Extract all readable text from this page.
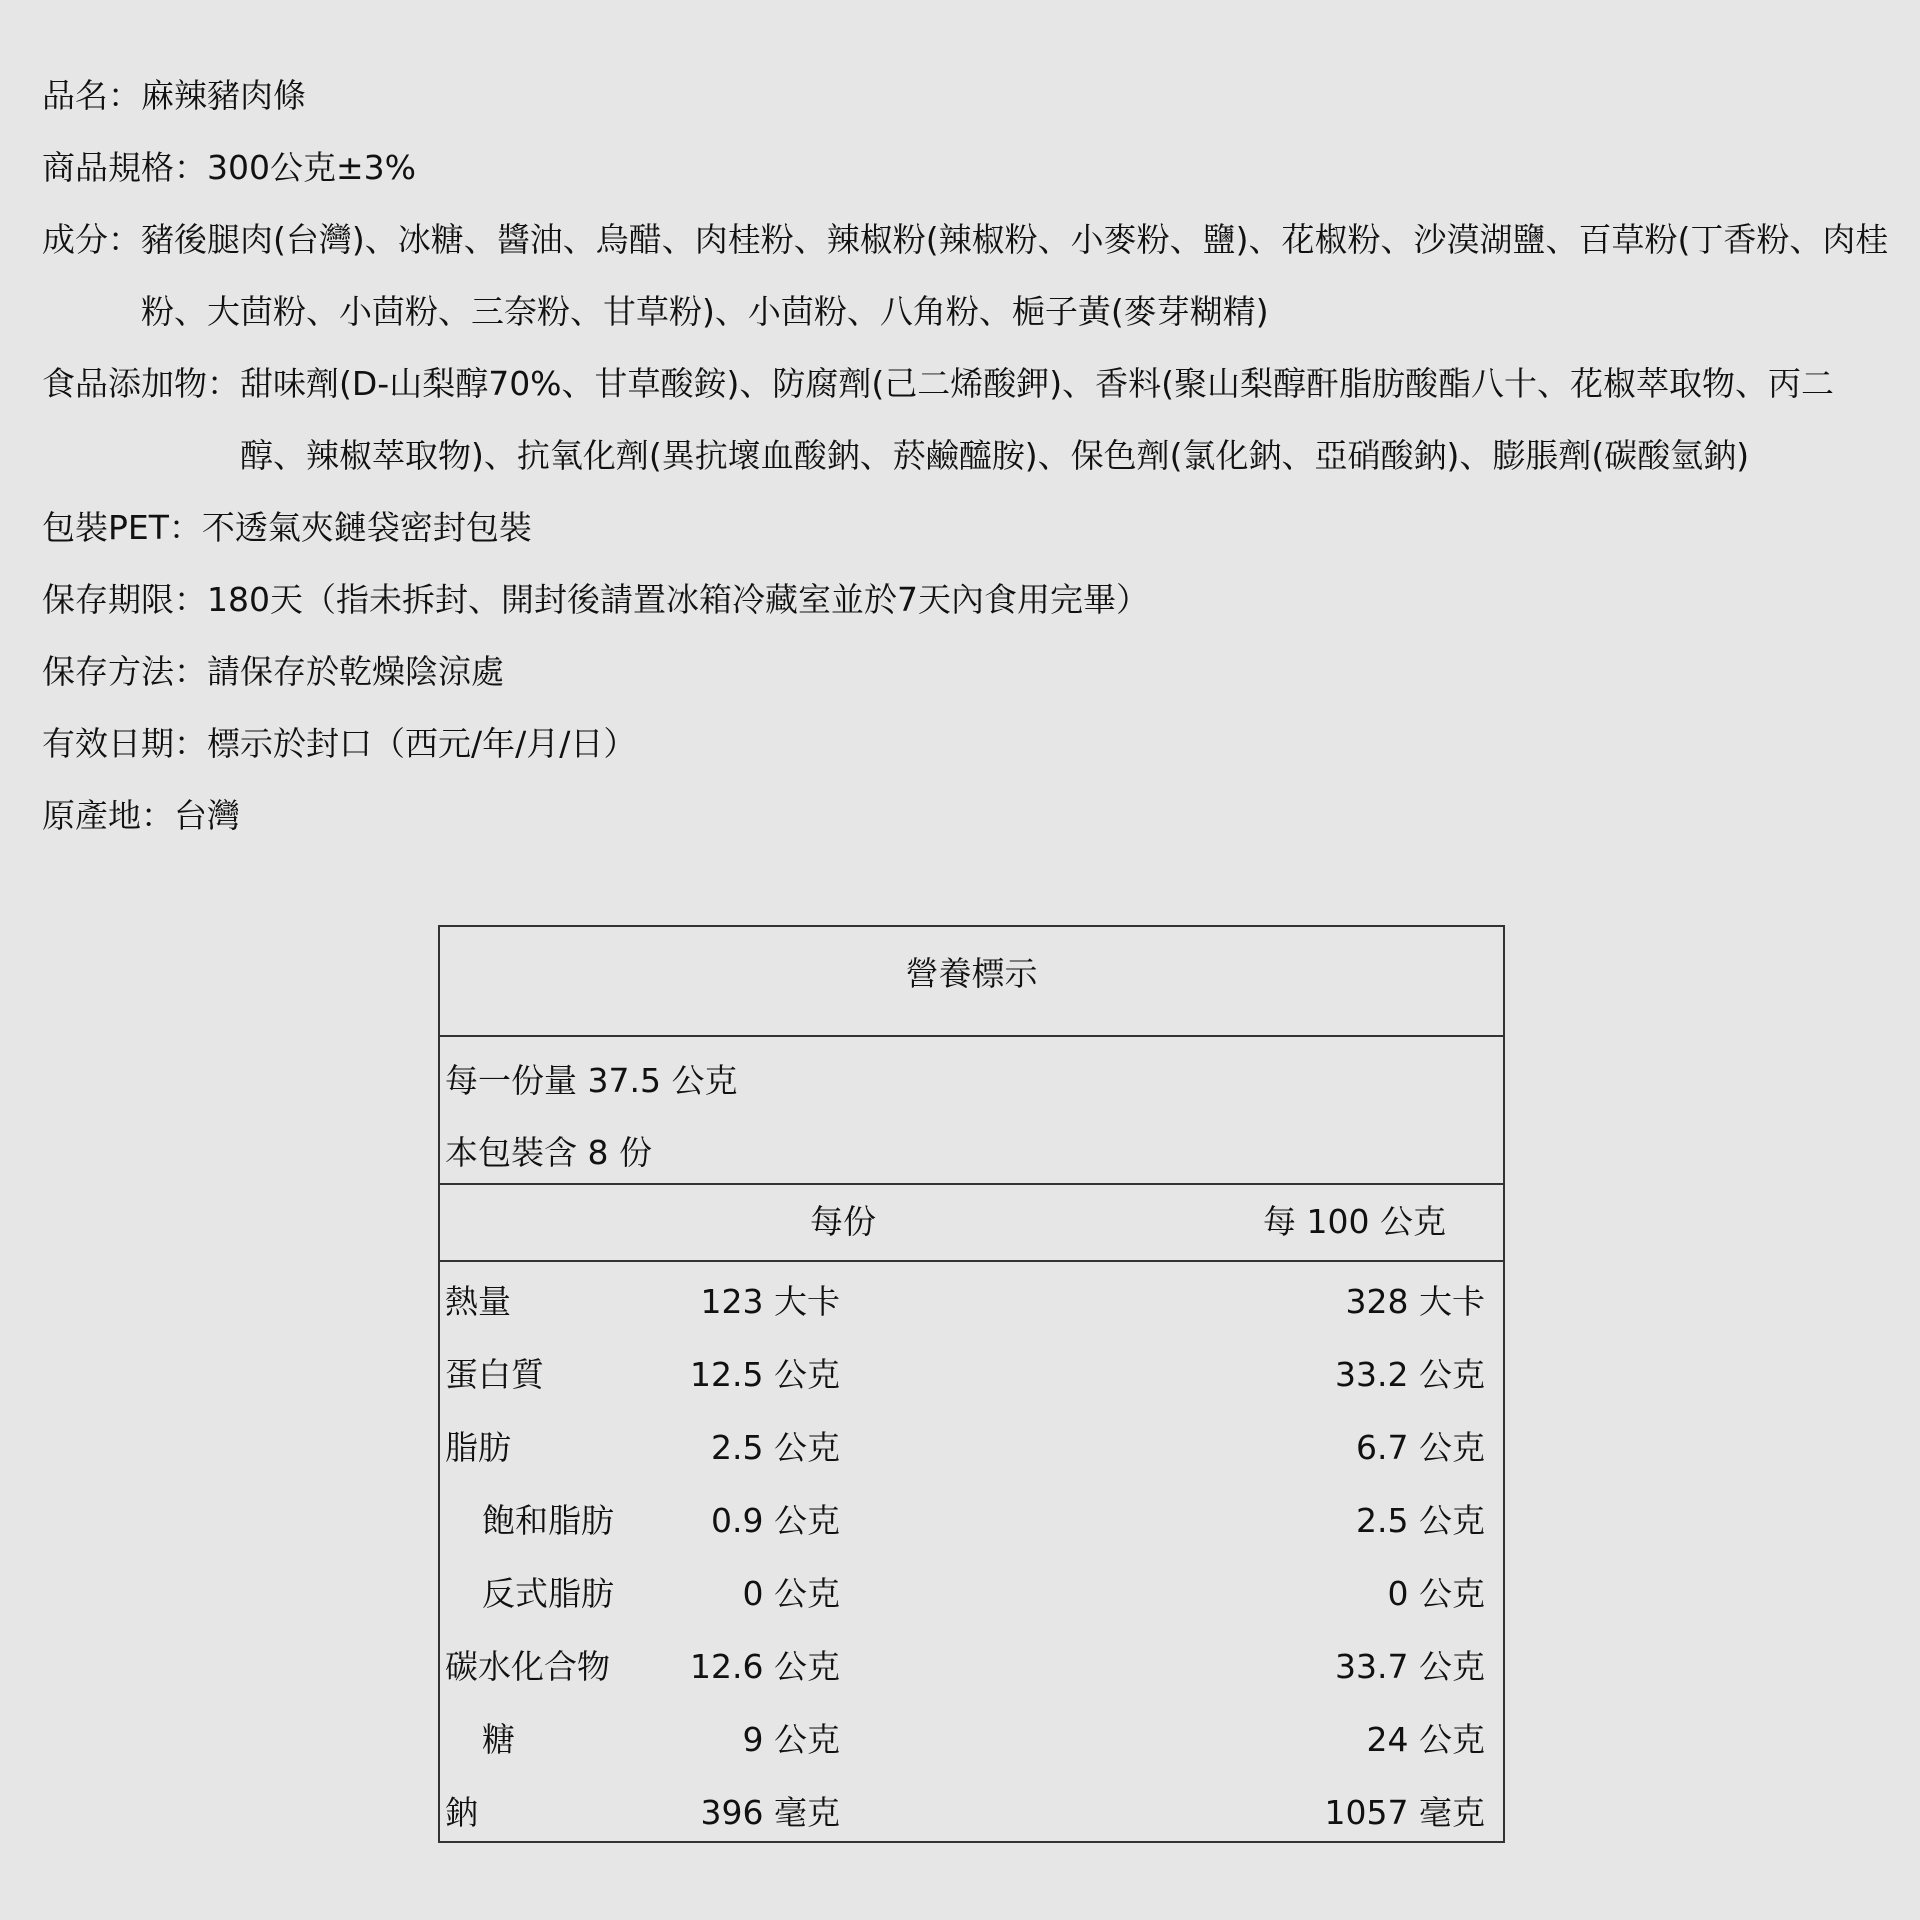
品名： 麻辣豬肉條
商品規格： 300公克±3%
成分： 豬後腿肉(台灣)、冰糖、醬油、烏醋、肉桂粉、辣椒粉(辣椒粉、小麥粉、鹽)、花椒粉、沙漠湖鹽、百草粉(丁香粉、肉桂粉、大茴粉、小茴粉、三奈粉、甘草粉)、小茴粉、八角粉、梔子黃(麥芽糊精)
食品添加物： 甜味劑(D-山梨醇70%、甘草酸銨)、防腐劑(己二烯酸鉀)、香料(聚山梨醇酐脂肪酸酯八十、花椒萃取物、丙二醇、辣椒萃取物)、抗氧化劑(異抗壞血酸鈉、菸鹼醯胺)、保色劑(氯化鈉、亞硝酸鈉)、膨脹劑(碳酸氫鈉)
包裝PET： 不透氣夾鏈袋密封包裝
保存期限： 180天（指未拆封、開封後請置冰箱冷藏室並於7天內食用完畢）
保存方法： 請保存於乾燥陰涼處
有效日期： 標示於封口（西元/年/月/日）
原產地： 台灣
營養標示
每一份量 37.5 公克
本包裝含 8 份
每份	每 100 公克
熱量	123 大卡	328 大卡
蛋白質	12.5 公克	33.2 公克
脂肪	2.5 公克	6.7 公克
飽和脂肪	0.9 公克	2.5 公克
反式脂肪	0 公克	0 公克
碳水化合物 12.6 公克	33.7 公克
糖	9 公克	24 公克
鈉	396 毫克	1057 毫克
